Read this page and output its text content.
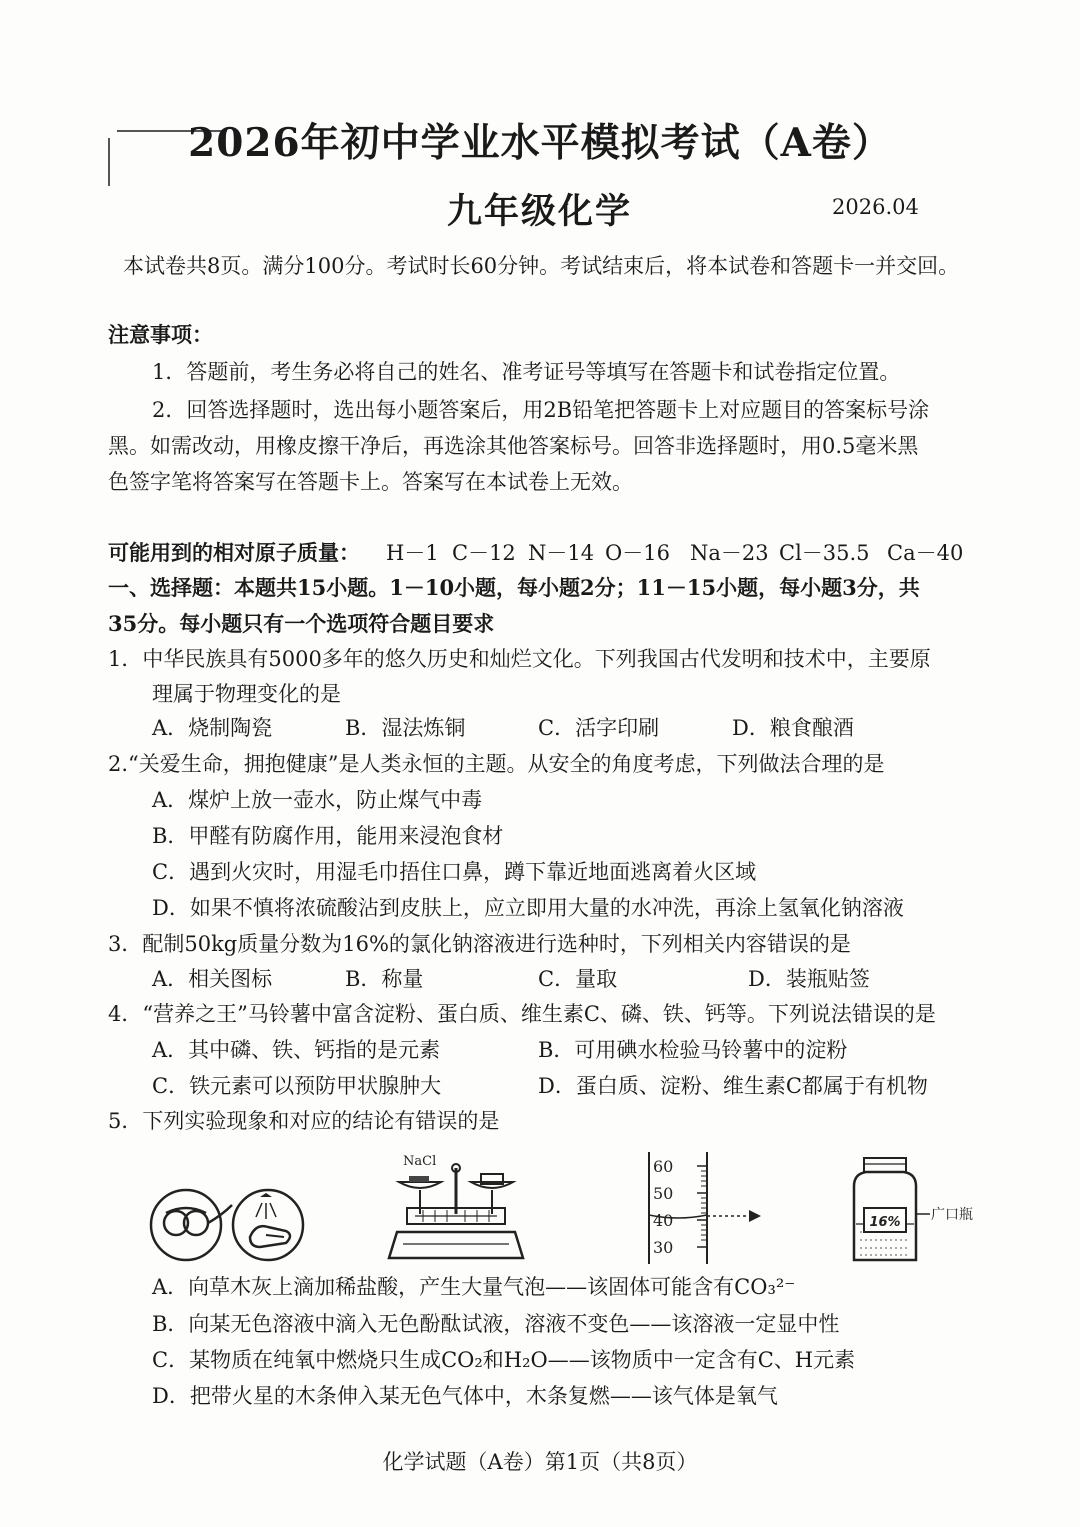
2026年初中学业水平模拟考试（A卷）
九年级化学	2026.04
本试卷共8页。满分100分。考试时长60分钟。考试结束后，将本试卷和答题卡一并交回。
注意事项：
1．答题前，考生务必将自己的姓名、准考证号等填写在答题卡和试卷指定位置。
2．回答选择题时，选出每小题答案后，用2B铅笔把答题卡上对应题目的答案标号涂
黑。如需改动，用橡皮擦干净后，再选涂其他答案标号。回答非选择题时，用0.5毫米黑
色签字笔将答案写在答题卡上。答案写在本试卷上无效。
可能用到的相对原子质量： H－1 C－12 N－14 O－16 Na－23 Cl－35.5 Ca－40
一、选择题：本题共15小题。1－10小题，每小题2分；11－15小题，每小题3分，共
35分。每小题只有一个选项符合题目要求
1．中华民族具有5000多年的悠久历史和灿烂文化。下列我国古代发明和技术中，主要原
理属于物理变化的是
A．烧制陶瓷	B．湿法炼铜	C．活字印刷	D．粮食酿酒
2.“关爱生命，拥抱健康”是人类永恒的主题。从安全的角度考虑，下列做法合理的是
A．煤炉上放一壶水，防止煤气中毒
B．甲醛有防腐作用，能用来浸泡食材
C．遇到火灾时，用湿毛巾捂住口鼻，蹲下靠近地面逃离着火区域
D．如果不慎将浓硫酸沾到皮肤上，应立即用大量的水冲洗，再涂上氢氧化钠溶液
3．配制50kg质量分数为16%的氯化钠溶液进行选种时，下列相关内容错误的是
A．相关图标	B．称量	C．量取	D．装瓶贴签
4．“营养之王”马铃薯中富含淀粉、蛋白质、维生素C、磷、铁、钙等。下列说法错误的是
A．其中磷、铁、钙指的是元素	B．可用碘水检验马铃薯中的淀粉
C．铁元素可以预防甲状腺肿大	D．蛋白质、淀粉、维生素C都属于有机物
5．下列实验现象和对应的结论有错误的是
NaCl	60
50
40
30
16% 广口瓶
A．向草木灰上滴加稀盐酸，产生大量气泡——该固体可能含有CO₃²⁻
B．向某无色溶液中滴入无色酚酞试液，溶液不变色——该溶液一定显中性
C．某物质在纯氧中燃烧只生成CO₂和H₂O——该物质中一定含有C、H元素
D．把带火星的木条伸入某无色气体中，木条复燃——该气体是氧气
化学试题（A卷）第1页（共8页）
